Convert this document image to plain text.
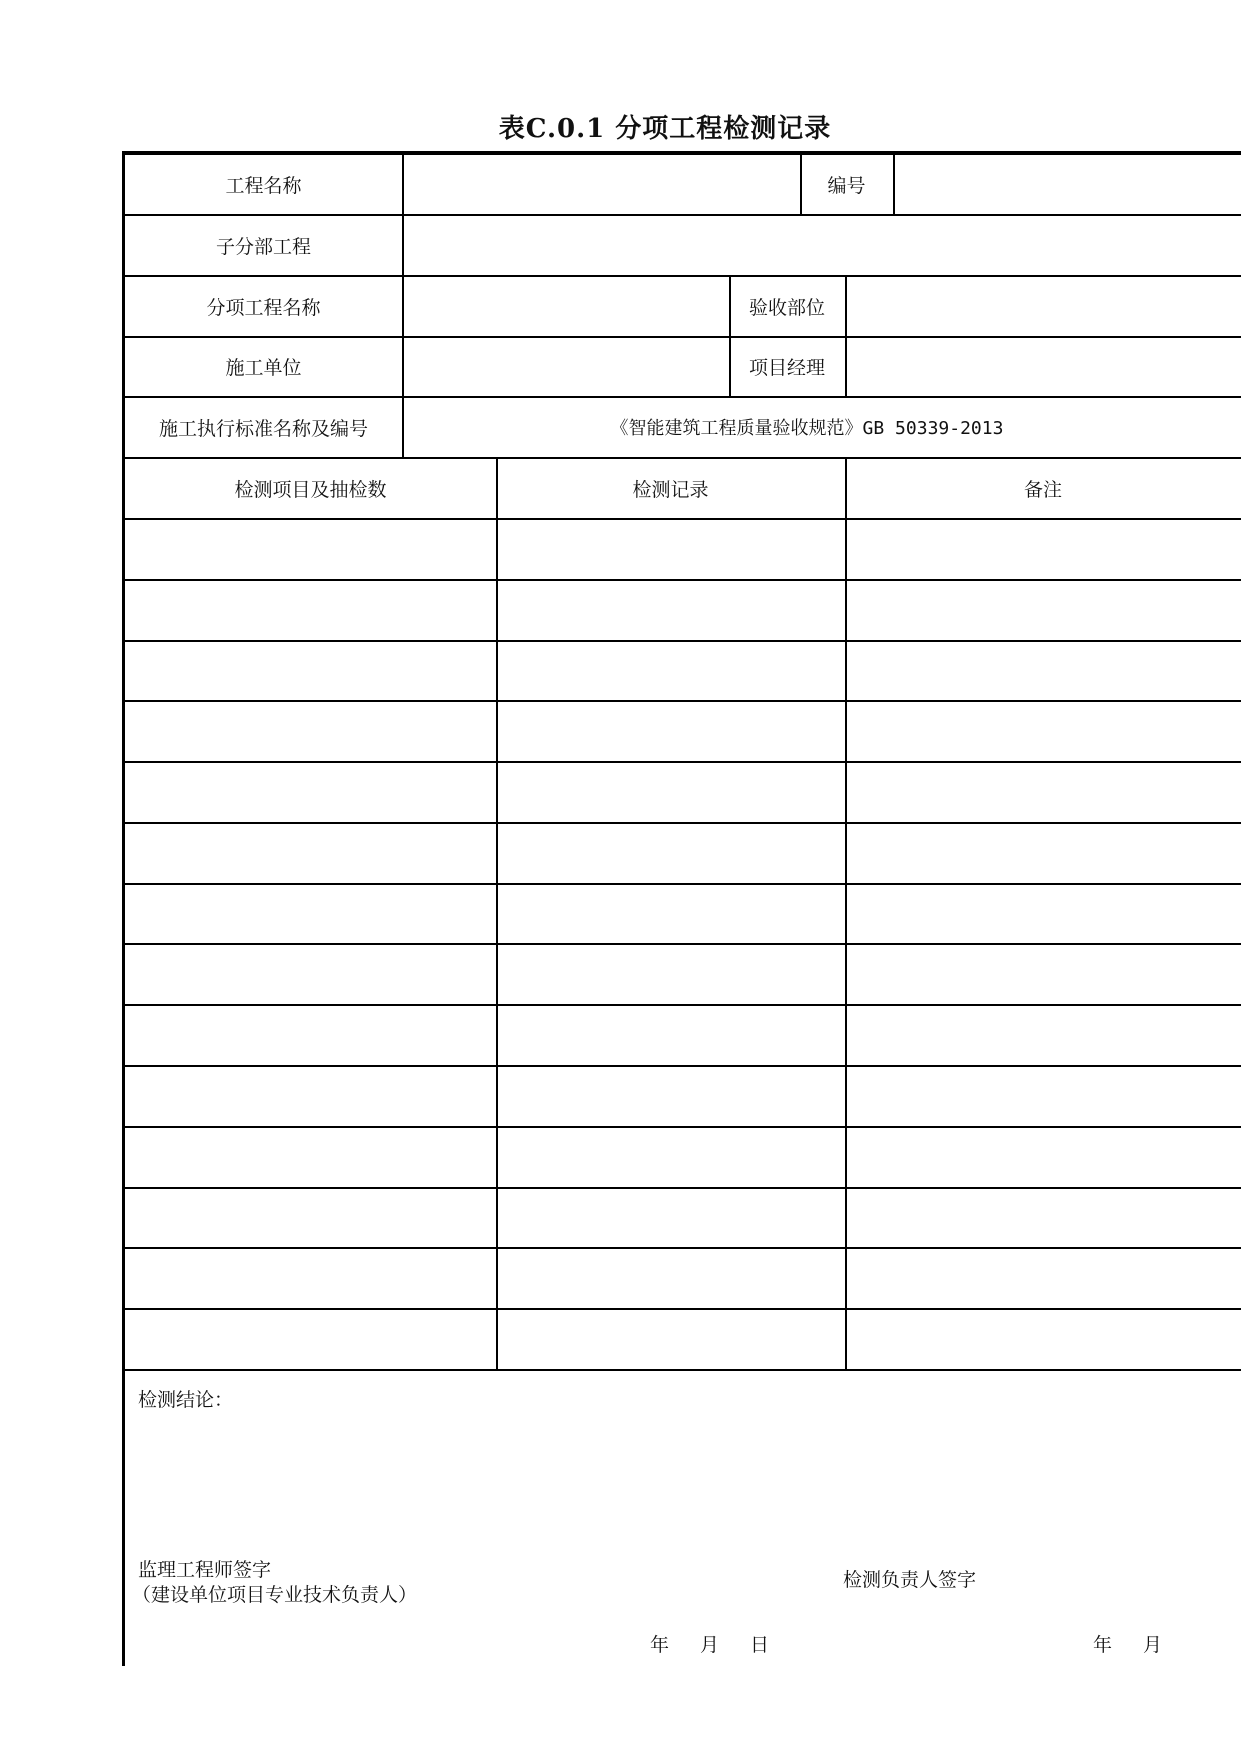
表C.0.1 分项工程检测记录
工程名称	编号
子分部工程
分项工程名称	验收部位
施工单位	项目经理
施工执行标准名称及编号	《智能建筑工程质量验收规范》GB 50339-2013
检测项目及抽检数	检测记录	备注
检测结论：
监理工程师签字
（建设单位项目专业技术负责人）
检测负责人签字
年　月　日	年　月
